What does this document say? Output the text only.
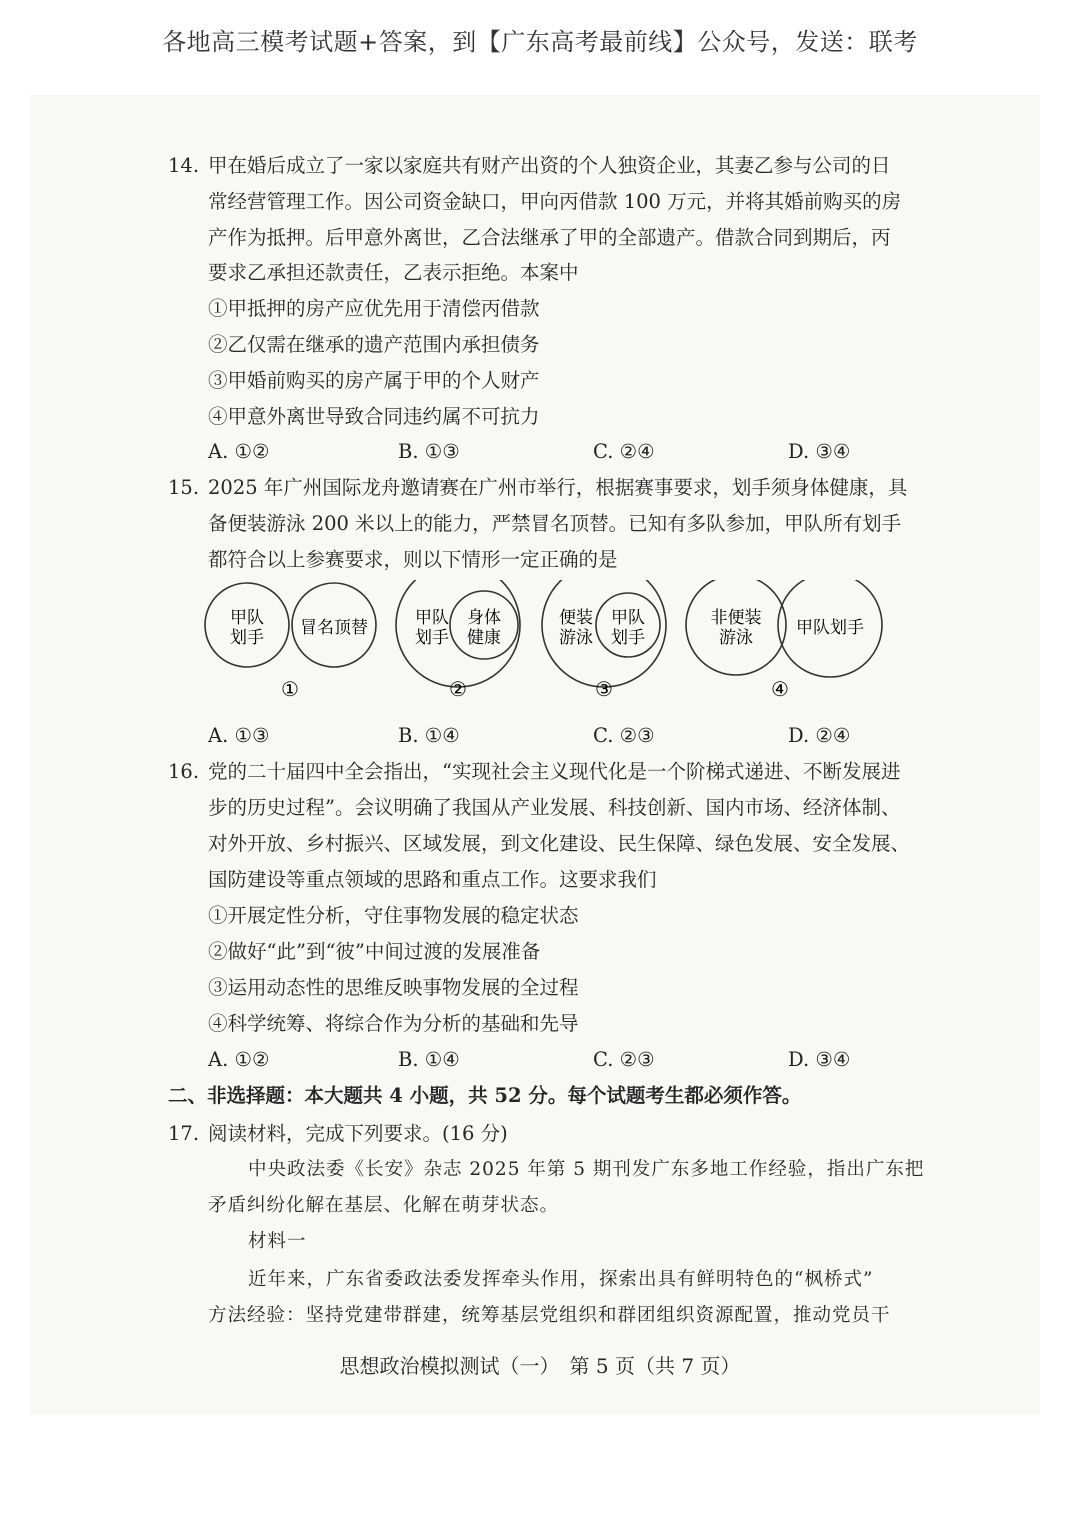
各地高三模考试题+答案，到【广东高考最前线】公众号，发送：联考
14. 甲在婚后成立了一家以家庭共有财产出资的个人独资企业，其妻乙参与公司的日
常经营管理工作。因公司资金缺口，甲向丙借款 100 万元，并将其婚前购买的房
产作为抵押。后甲意外离世，乙合法继承了甲的全部遗产。借款合同到期后，丙
要求乙承担还款责任，乙表示拒绝。本案中
①甲抵押的房产应优先用于清偿丙借款
②乙仅需在继承的遗产范围内承担债务
③甲婚前购买的房产属于甲的个人财产
④甲意外离世导致合同违约属不可抗力
A. ①②	B. ①③	C. ②④	D. ③④
15. 2025 年广州国际龙舟邀请赛在广州市举行，根据赛事要求，划手须身体健康，具
备便装游泳 200 米以上的能力，严禁冒名顶替。已知有多队参加，甲队所有划手
都符合以上参赛要求，则以下情形一定正确的是
A. ①③	B. ①④	C. ②③	D. ②④
16. 党的二十届四中全会指出，“实现社会主义现代化是一个阶梯式递进、不断发展进
步的历史过程”。会议明确了我国从产业发展、科技创新、国内市场、经济体制、
对外开放、乡村振兴、区域发展，到文化建设、民生保障、绿色发展、安全发展、
国防建设等重点领域的思路和重点工作。这要求我们
①开展定性分析，守住事物发展的稳定状态
②做好“此”到“彼”中间过渡的发展准备
③运用动态性的思维反映事物发展的全过程
④科学统筹、将综合作为分析的基础和先导
A. ①②	B. ①④	C. ②③	D. ③④
二、非选择题：本大题共 4 小题，共 52 分。每个试题考生都必须作答。
17. 阅读材料，完成下列要求。(16 分)
中央政法委《长安》杂志 2025 年第 5 期刊发广东多地工作经验，指出广东把
矛盾纠纷化解在基层、化解在萌芽状态。
材料一
近年来，广东省委政法委发挥牵头作用，探索出具有鲜明特色的“枫桥式”
方法经验：坚持党建带群建，统筹基层党组织和群团组织资源配置，推动党员干
甲队
划手 冒名顶替
①
甲队
划手
身体
健康
②
便装
游泳
甲队
划手
③
非便装
游泳	甲队划手
④
思想政治模拟测试（一）　第 5 页（共 7 页）
